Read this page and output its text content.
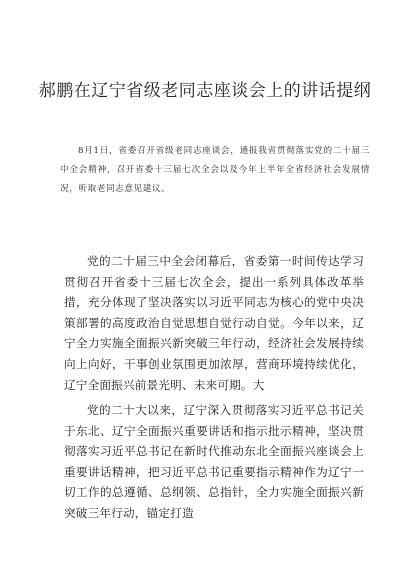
郝鹏在辽宁省级老同志座谈会上的讲话提纲

8月1日，省委召开省级老同志座谈会，通报我省贯彻落实党的二十届三中全会精神，召开省委十三届七次全会以及今年上半年全省经济社会发展情况，听取老同志意见建议。

党的二十届三中全会闭幕后，省委第一时间传达学习贯彻召开省委十三届七次全会，提出一系列具体改革举措，充分体现了坚决落实以习近平同志为核心的党中央决策部署的高度政治自觉思想自觉行动自觉。今年以来，辽宁全力实施全面振兴新突破三年行动，经济社会发展持续向上向好，干事创业氛围更加浓厚，营商环境持续优化，辽宁全面振兴前景光明、未来可期。大

党的二十大以来，辽宁深入贯彻落实习近平总书记关于东北、辽宁全面振兴重要讲话和指示批示精神，坚决贯彻落实习近平总书记在新时代推动东北全面振兴座谈会上重要讲话精神，把习近平总书记重要指示精神作为辽宁一切工作的总遵循、总纲领、总指针，全力实施全面振兴新突破三年行动，锚定打造
